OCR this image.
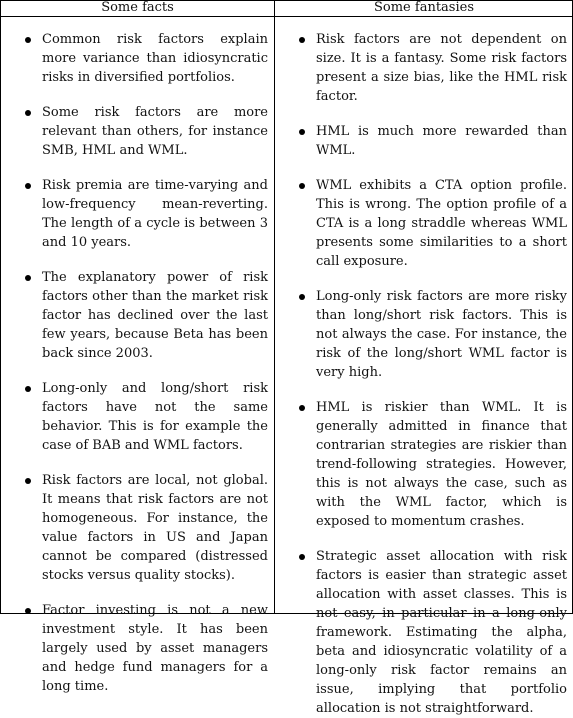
Some facts	Some fantasies
Common risk factors explain more variance than idiosyncratic risks in diversified portfolios.
Some risk factors are more relevant than others, for instance SMB, HML and WML.
Risk premia are time-varying and low-frequency mean-reverting. The length of a cycle is between 3 and 10 years.
The explanatory power of risk factors other than the market risk factor has declined over the last few years, because Beta has been back since 2003.
Long-only and long/short risk factors have not the same behavior. This is for example the case of BAB and WML factors.
Risk factors are local, not global. It means that risk factors are not homogeneous. For instance, the value factors in US and Japan cannot be compared (distressed stocks versus quality stocks).
Factor investing is not a new investment style. It has been largely used by asset managers and hedge fund managers for a long time.
Risk factors are not dependent on size. It is a fantasy. Some risk factors present a size bias, like the HML risk factor.
HML is much more rewarded than WML.
WML exhibits a CTA option profile. This is wrong. The option profile of a CTA is a long straddle whereas WML presents some similarities to a short call exposure.
Long-only risk factors are more risky than long/short risk factors. This is not always the case. For instance, the risk of the long/short WML factor is very high.
HML is riskier than WML. It is generally admitted in finance that contrarian strategies are riskier than trend-following strategies. However, this is not always the case, such as with the WML factor, which is exposed to momentum crashes.
Strategic asset allocation with risk factors is easier than strategic asset allocation with asset classes. This is not easy, in particular in a long-only framework. Estimating the alpha, beta and idiosyncratic volatility of a long-only risk factor remains an issue, implying that portfolio allocation is not straightforward.
